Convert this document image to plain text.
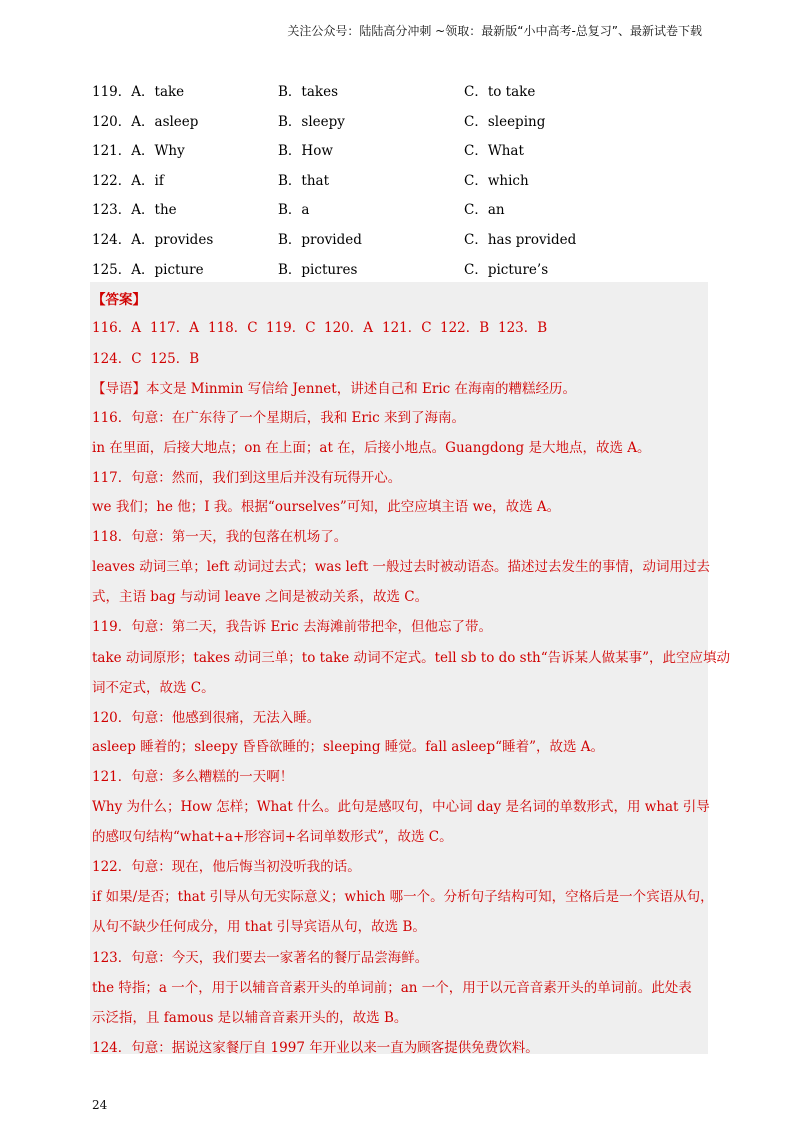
关注公众号：陆陆高分冲刺 ~领取：最新版“小中高考-总复习”、最新试卷下载
119．A．take	B．takes	C．to take
120．A．asleep	B．sleepy	C．sleeping
121．A．Why	B．How	C．What
122．A．if	B．that	C．which
123．A．the	B．a	C．an
124．A．provides	B．provided	C．has provided
125．A．picture	B．pictures	C．picture’s
【答案】
116．A 117．A 118．C 119．C 120．A 121．C 122．B 123．B
124．C 125．B
【导语】本文是 Minmin 写信给 Jennet，讲述自己和 Eric 在海南的糟糕经历。
116．句意：在广东待了一个星期后，我和 Eric 来到了海南。
in 在里面，后接大地点；on 在上面；at 在，后接小地点。Guangdong 是大地点，故选 A。
117．句意：然而，我们到这里后并没有玩得开心。
we 我们；he 他；I 我。根据“ourselves”可知，此空应填主语 we，故选 A。
118．句意：第一天，我的包落在机场了。
leaves 动词三单；left 动词过去式；was left 一般过去时被动语态。描述过去发生的事情，动词用过去
式，主语 bag 与动词 leave 之间是被动关系，故选 C。
119．句意：第二天，我告诉 Eric 去海滩前带把伞，但他忘了带。
take 动词原形；takes 动词三单；to take 动词不定式。tell sb to do sth“告诉某人做某事”，此空应填动
词不定式，故选 C。
120．句意：他感到很痛，无法入睡。
asleep 睡着的；sleepy 昏昏欲睡的；sleeping 睡觉。fall asleep“睡着”，故选 A。
121．句意：多么糟糕的一天啊！
Why 为什么；How 怎样；What 什么。此句是感叹句，中心词 day 是名词的单数形式，用 what 引导
的感叹句结构“what+a+形容词+名词单数形式”，故选 C。
122．句意：现在，他后悔当初没听我的话。
if 如果/是否；that 引导从句无实际意义；which 哪一个。分析句子结构可知，空格后是一个宾语从句，
从句不缺少任何成分，用 that 引导宾语从句，故选 B。
123．句意：今天，我们要去一家著名的餐厅品尝海鲜。
the 特指；a 一个，用于以辅音音素开头的单词前；an 一个，用于以元音音素开头的单词前。此处表
示泛指，且 famous 是以辅音音素开头的，故选 B。
124．句意：据说这家餐厅自 1997 年开业以来一直为顾客提供免费饮料。
24
